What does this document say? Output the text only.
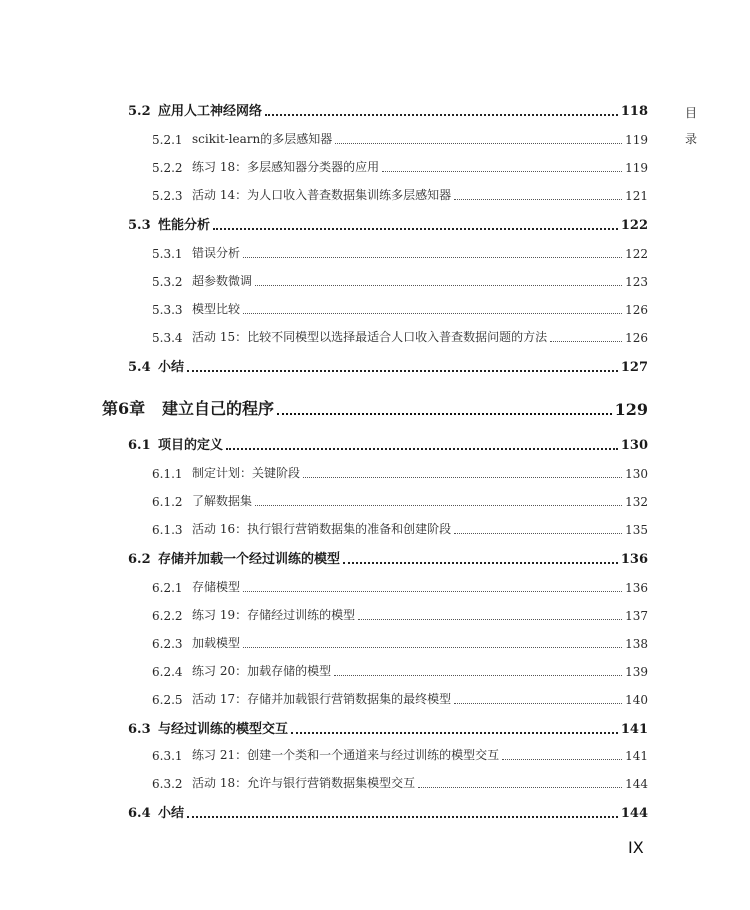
目
录
5.2 应用人工神经网络	118
5.2.1 scikit-learn的多层感知器	119
5.2.2 练习 18：多层感知器分类器的应用	119
5.2.3 活动 14：为人口收入普查数据集训练多层感知器	121
5.3 性能分析	122
5.3.1 错误分析	122
5.3.2 超参数微调	123
5.3.3 模型比较	126
5.3.4 活动 15：比较不同模型以选择最适合人口收入普查数据问题的方法	126
5.4 小结	127
第6章	建立自己的程序	129
6.1 项目的定义	130
6.1.1 制定计划：关键阶段	130
6.1.2 了解数据集	132
6.1.3 活动 16：执行银行营销数据集的准备和创建阶段	135
6.2 存储并加载一个经过训练的模型	136
6.2.1 存储模型	136
6.2.2 练习 19：存储经过训练的模型	137
6.2.3 加载模型	138
6.2.4 练习 20：加载存储的模型	139
6.2.5 活动 17：存储并加载银行营销数据集的最终模型	140
6.3 与经过训练的模型交互	141
6.3.1 练习 21：创建一个类和一个通道来与经过训练的模型交互	141
6.3.2 活动 18：允许与银行营销数据集模型交互	144
6.4 小结	144
IX
